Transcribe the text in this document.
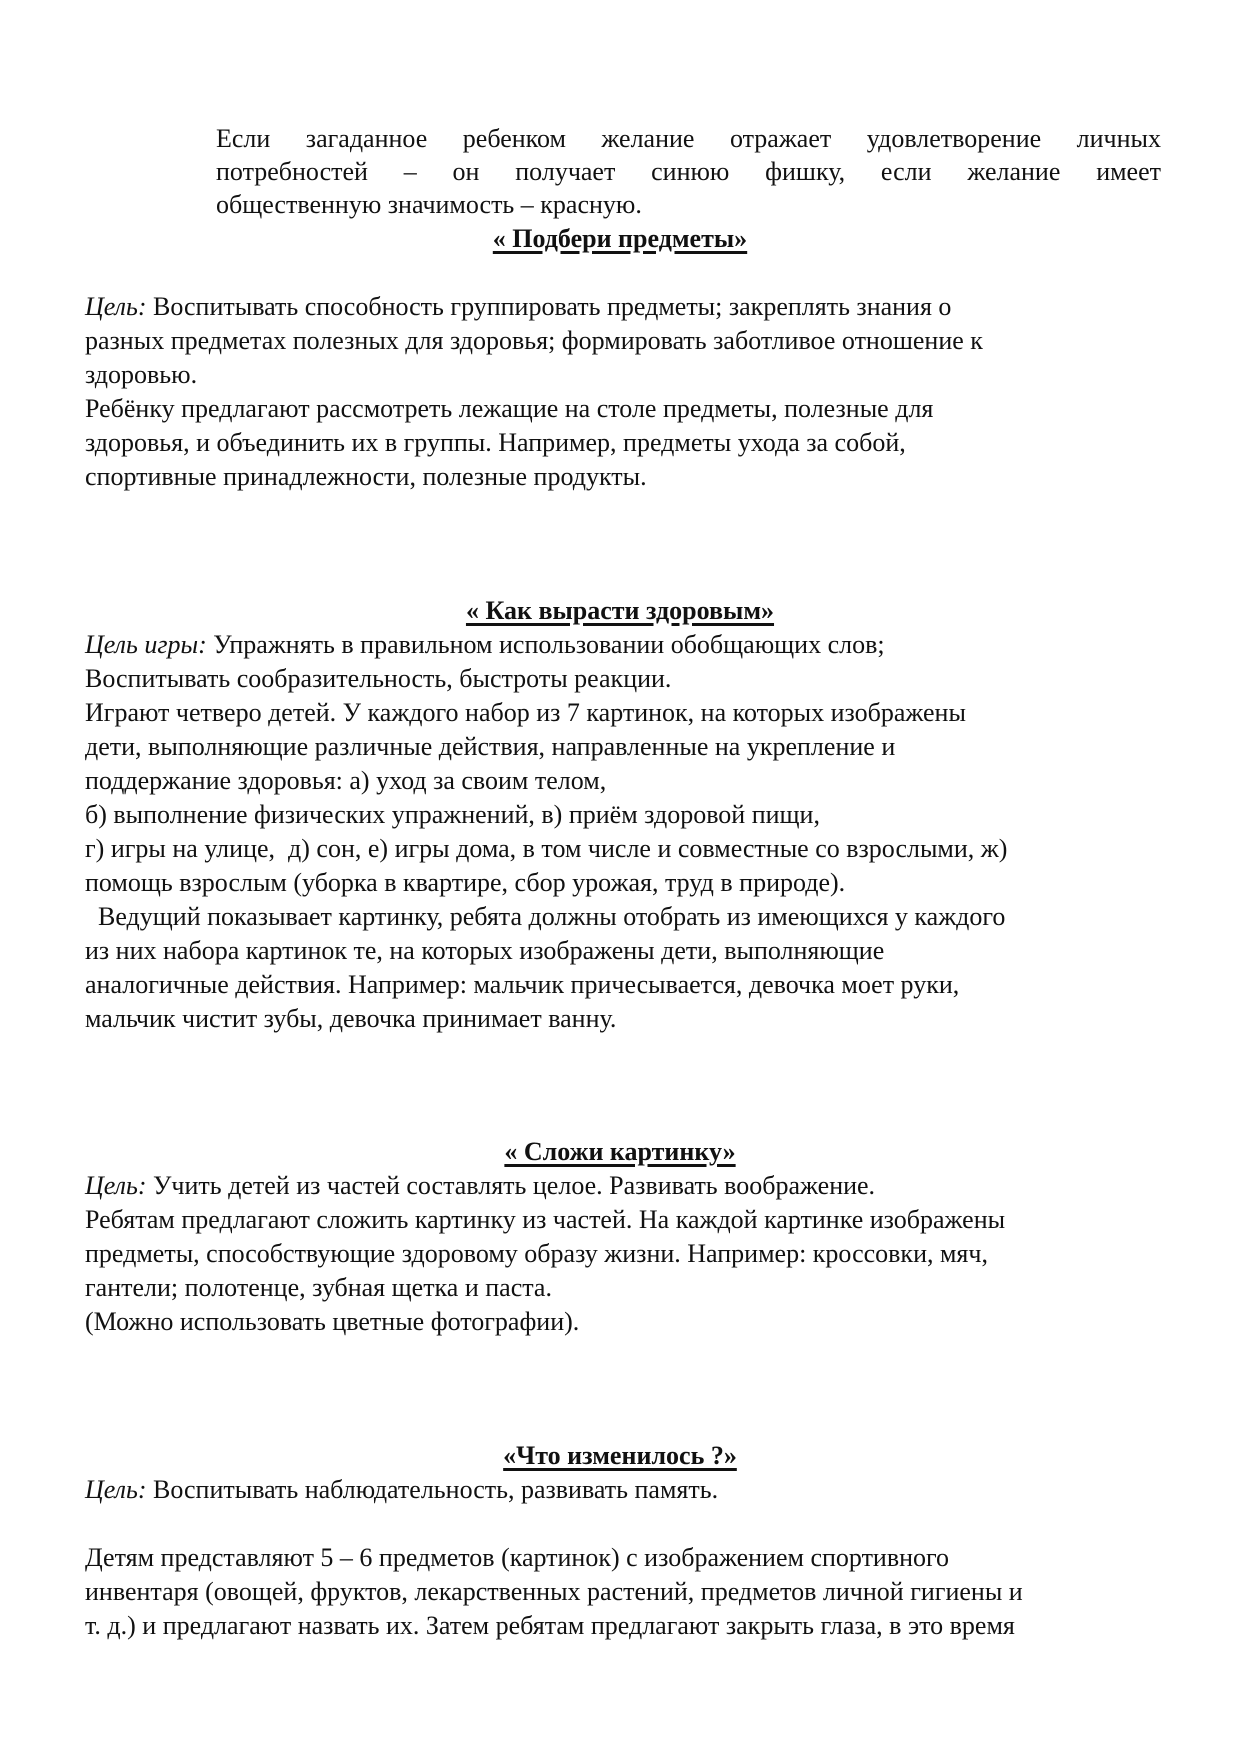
Если загаданное ребенком желание отражает удовлетворение личных
потребностей – он получает синюю фишку, если желание имеет
общественную значимость – красную.
« Подбери предметы»
Цель: Воспитывать способность группировать предметы; закреплять знания о
разных предметах полезных для здоровья; формировать заботливое отношение к
здоровью.
Ребёнку предлагают рассмотреть лежащие на столе предметы, полезные для
здоровья, и объединить их в группы. Например, предметы ухода за собой,
спортивные принадлежности, полезные продукты.
« Как вырасти здоровым»
Цель игры: Упражнять в правильном использовании обобщающих слов;
Воспитывать сообразительность, быстроты реакции.
Играют четверо детей. У каждого набор из 7 картинок, на которых изображены
дети, выполняющие различные действия, направленные на укрепление и
поддержание здоровья: а) уход за своим телом,
б) выполнение физических упражнений, в) приём здоровой пищи,
г) игры на улице,  д) сон, е) игры дома, в том числе и совместные со взрослыми, ж)
помощь взрослым (уборка в квартире, сбор урожая, труд в природе).
Ведущий показывает картинку, ребята должны отобрать из имеющихся у каждого
из них набора картинок те, на которых изображены дети, выполняющие
аналогичные действия. Например: мальчик причесывается, девочка моет руки,
мальчик чистит зубы, девочка принимает ванну.
« Сложи картинку»
Цель: Учить детей из частей составлять целое. Развивать воображение.
Ребятам предлагают сложить картинку из частей. На каждой картинке изображены
предметы, способствующие здоровому образу жизни. Например: кроссовки, мяч,
гантели; полотенце, зубная щетка и паста.
(Можно использовать цветные фотографии).
«Что изменилось ?»
Цель: Воспитывать наблюдательность, развивать память.
Детям представляют 5 – 6 предметов (картинок) с изображением спортивного
инвентаря (овощей, фруктов, лекарственных растений, предметов личной гигиены и
т. д.) и предлагают назвать их. Затем ребятам предлагают закрыть глаза, в это время
